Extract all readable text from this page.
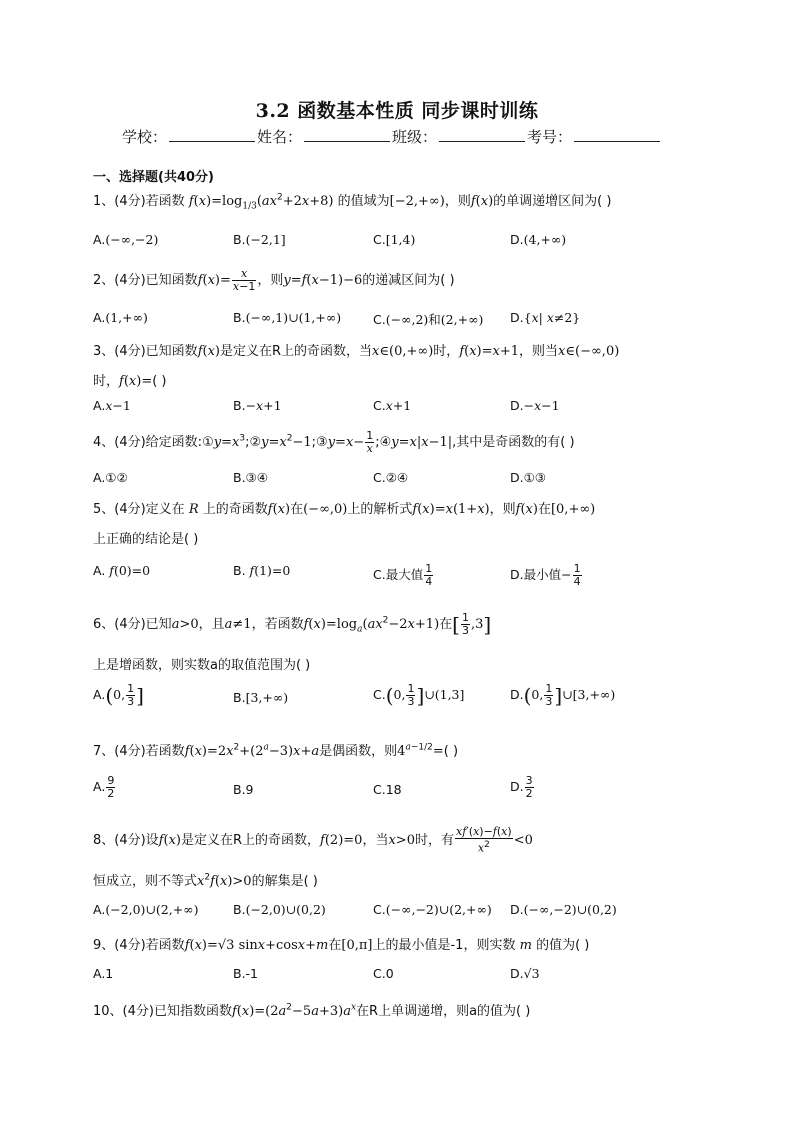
3.2 函数基本性质 同步课时训练
学校：	姓名：	班级：	考号：
一、选择题(共40分)
1、(4分)若函数 $f(x)=\log_{1/3}(ax^2+2x+8)$ 的值域为[−2,+∞)，则f(x)的单调递增区间为( )
A.(−∞,−2)	B.(−2,1]	C.[1,4)	D.(4,+∞)
2、(4分)已知函数$f(x)= \frac{x}{x-1}$ ，则y=f(x−1)−6的递减区间为( )
A.(1,+∞)	B.(−∞,1)∪(1,+∞)	C.(−∞,2)和(2,+∞) D.{x| x≠2}
3、(4分)已知函数f(x)是定义在R上的奇函数，当x∈(0,+∞)时，f(x)=x+1，则当x∈(−∞,0)
时，f(x)=( )
A.x−1	B.−x+1	C.x+1	D.−x−1
4、(4分)给定函数$:①y=x^3;②y=x^2-1;③y=x- \frac{1}{x}$ ;④y=x|x−1|,其中是奇函数的有( )
A.①②	B.③④	C.②④	D.①③
5、(4分)定义在 R 上的奇函数f(x)在(−∞,0)上的解析式f(x)=x(1+x)，则f(x)在[0,+∞)
上正确的结论是( )
A. f(0)=0	B. f(1)=0	C.最大值 $\frac{1}{4}$	D.最小值− $\frac{1}{4}$
6、(4分)已知a>0，且a≠1，若函数$f(x)=\log_a(ax^2-2x+1)$在[ $\frac{1}{3} ,3$]
上是增函数，则实数a的取值范围为( )
A.(0, $\frac{1}{3}$ ]	B.[3,+∞)	C.(0, $\frac{1}{3}$ ]∪(1,3]	D.(0, $\frac{1}{3}$ ]∪[3,+∞)
7、(4分)若函数$f(x)=2x^2+(2^a-3)x+a$是偶函数，则$4^{a-1/2}=$( )
A. $\frac{9}{2}$	B.9	C.18	D. $\frac{3}{2}$
8、(4分)设f(x)是定义在R上的奇函数，f(2)=0，当x>0时，有 $\frac{xf'(x)-f(x)}{x^2} <0$
恒成立，则不等式$x^2f(x)>0$的解集是( )
A.(−2,0)∪(2,+∞)	B.(−2,0)∪(0,2)	C.(−∞,−2)∪(2,+∞) D.(−∞,−2)∪(0,2)
9、(4分)若函数f(x)=√3 sinx+cosx+m在[0,π]上的最小值是-1，则实数 m 的值为( )
A.1	B.-1	C.0	D.√3
10、(4分)已知指数函数$f(x)=(2a^2-5a+3)a^x$在R上单调递增，则a的值为( )
